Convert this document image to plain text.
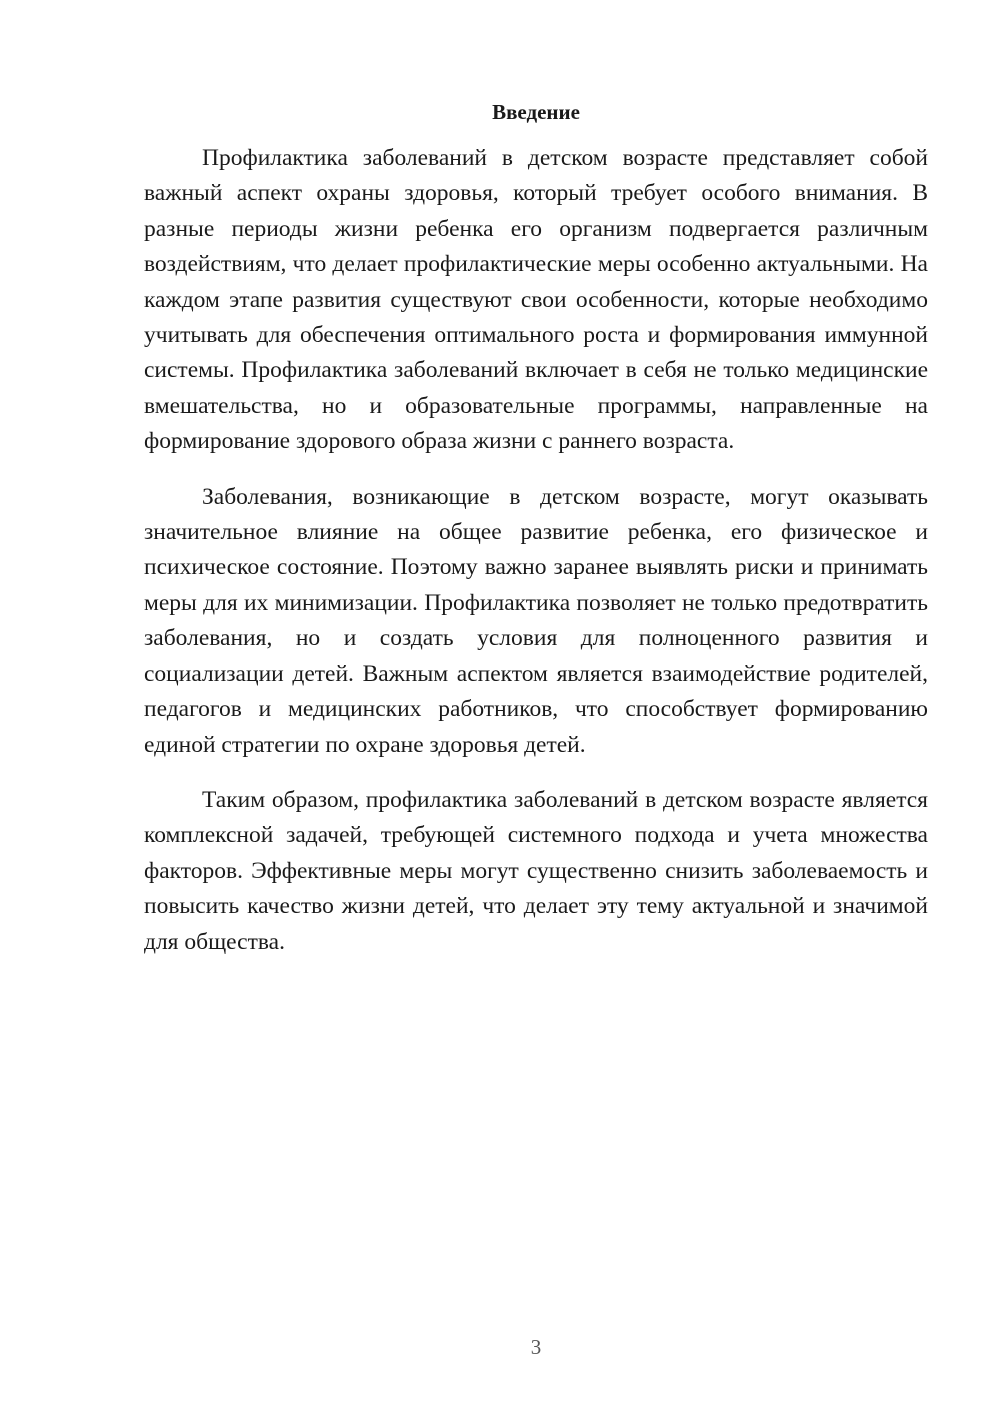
Введение

Профилактика заболеваний в детском возрасте представляет собой важный аспект охраны здоровья, который требует особого внимания. В разные периоды жизни ребенка его организм подвергается различным воздействиям, что делает профилактические меры особенно актуальными. На каждом этапе развития существуют свои особенности, которые необходимо учитывать для обеспечения оптимального роста и формирования иммунной системы. Профилактика заболеваний включает в себя не только медицинские вмешательства, но и образовательные программы, направленные на формирование здорового образа жизни с раннего возраста.

Заболевания, возникающие в детском возрасте, могут оказывать значительное влияние на общее развитие ребенка, его физическое и психическое состояние. Поэтому важно заранее выявлять риски и принимать меры для их минимизации. Профилактика позволяет не только предотвратить заболевания, но и создать условия для полноценного развития и социализации детей. Важным аспектом является взаимодействие родителей, педагогов и медицинских работников, что способствует формированию единой стратегии по охране здоровья детей.

Таким образом, профилактика заболеваний в детском возрасте является комплексной задачей, требующей системного подхода и учета множества факторов. Эффективные меры могут существенно снизить заболеваемость и повысить качество жизни детей, что делает эту тему актуальной и значимой для общества.

3
